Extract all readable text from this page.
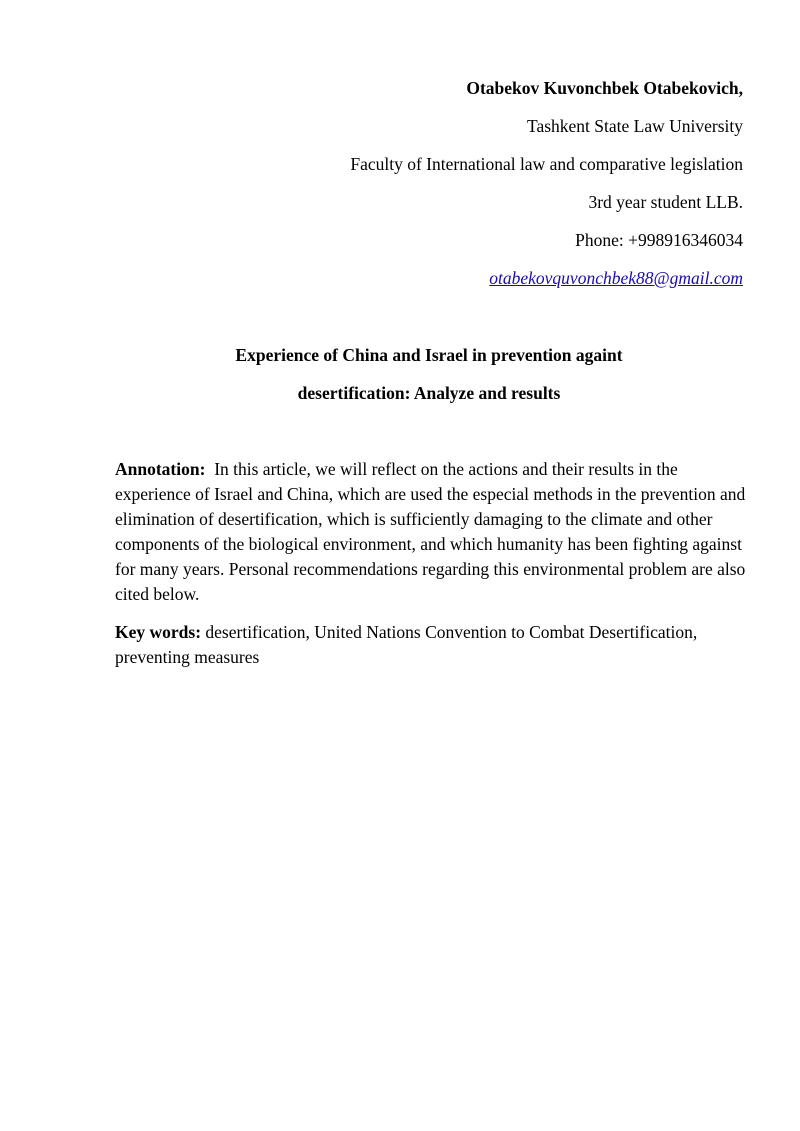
Otabekov Kuvonchbek Otabekovich,
Tashkent State Law University
Faculty of International law and comparative legislation
3rd year student LLB.
Phone: +998916346034
otabekovquvonchbek88@gmail.com
Experience of China and Israel in prevention againt
desertification: Analyze and results

Annotation: In this article, we will reflect on the actions and their results in the experience of Israel and China, which are used the especial methods in the prevention and elimination of desertification, which is sufficiently damaging to the climate and other components of the biological environment, and which humanity has been fighting against for many years. Personal recommendations regarding this environmental problem are also cited below.

Key words: desertification, United Nations Convention to Combat Desertification, preventing measures
